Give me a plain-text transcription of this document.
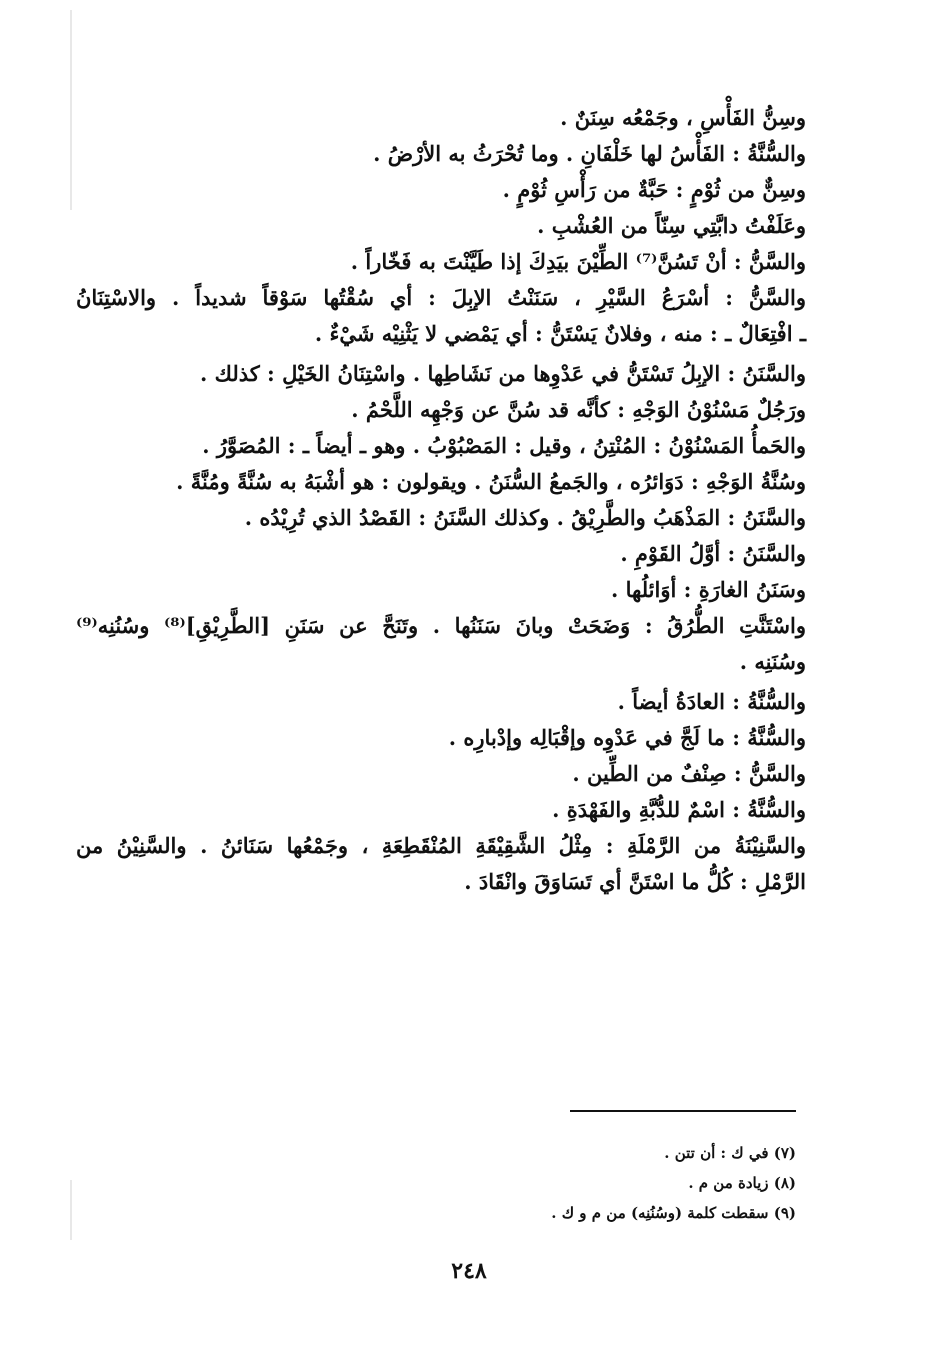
وسِنُّ الفَأْسِ ، وجَمْعُه سِنَنٌ .
والسُّنَّةُ : الفَأْسُ لها خَلْفَانِ . وما تُحْرَثُ به الأرْضُ .
وسِنٌّ من ثُوْمٍ : حَبَّةٌ من رَأْسِ ثُوْمٍ .
وعَلَفْتُ دابَّتِي سِنّاً من العُشْبِ .
والسَّنُّ : أنْ تَسُنَّ⁽⁷⁾ الطِّيْنَ بيَدِكَ إذا طَيَّنْتَ به فَخّاراً .
والسَّنُّ : أسْرَعُ السَّيْرِ ، سَنَنْتُ الإبِلَ : أي سُقْتُها سَوْقاً شديداً . والاسْتِنَانُ
ـ افْتِعَالٌ ـ : منه ، وفلانٌ يَسْتَنُّ : أي يَمْضي لا يَثْنِيْه شَيْءٌ .
والسَّنَنُ : الإبِلُ تَسْتَنُّ في عَدْوِها من نَشَاطِها . واسْتِنَانُ الخَيْلِ : كذلك .
ورَجُلٌ مَسْنُوْنُ الوَجْهِ : كأنَّه قد سُنَّ عن وَجْهِه اللَّحْمُ .
والحَمأُ المَسْنُوْنُ : المُنْتِنُ ، وقيل : المَصْبُوْبُ . وهو ـ أيضاً ـ : المُصَوَّرُ .
وسُنَّةُ الوَجْهِ : دَوَائرُه ، والجَمعُ السُّنَنُ . ويقولون : هو أشْبَهُ به سُنَّةً ومُنَّةً .
والسَّنَنُ : المَذْهَبُ والطَّرِيْقُ . وكذلك السَّنَنُ : القَصْدُ الذي تُرِيْدُه .
والسَّنَنُ : أوَّلُ القَوْمِ .
وسَنَنُ الغارَةِ : أوَائلُها .
واسْتَنَّتِ الطُّرُقُ : وَضَحَتْ وبانَ سَنَنُها . وتَنَحَّ عن سَنَنِ [الطَّرِيْقِ]⁽⁸⁾ وسُنُنِه⁽⁹⁾
وسُنَنِه .
والسُّنَّةُ : العادَةُ أيضاً .
والسُّنَّةُ : ما لَجَّ في عَدْوِه وإقْبَالِه وإدْبارِه .
والسَّنُّ : صِنْفٌ من الطِّين .
والسُّنَّةُ : اسْمٌ للدُّبَّةِ والفَهْدَةِ .
والسَّنِيْنَةُ من الرَّمْلَةِ : مِثْلُ الشَّقِيْقَةِ المُنْقَطِعَةِ ، وجَمْعُها سَنَائنُ . والسَّنِيْنُ من
الرَّمْلِ : كُلُّ ما اسْتَنَّ أي تَسَاوَقَ وانْقَادَ .
(٧) في ك : أن تتن .
(٨) زيادة من م .
(٩) سقطت كلمة (وسُنُنِه) من م و ك .
٢٤٨
